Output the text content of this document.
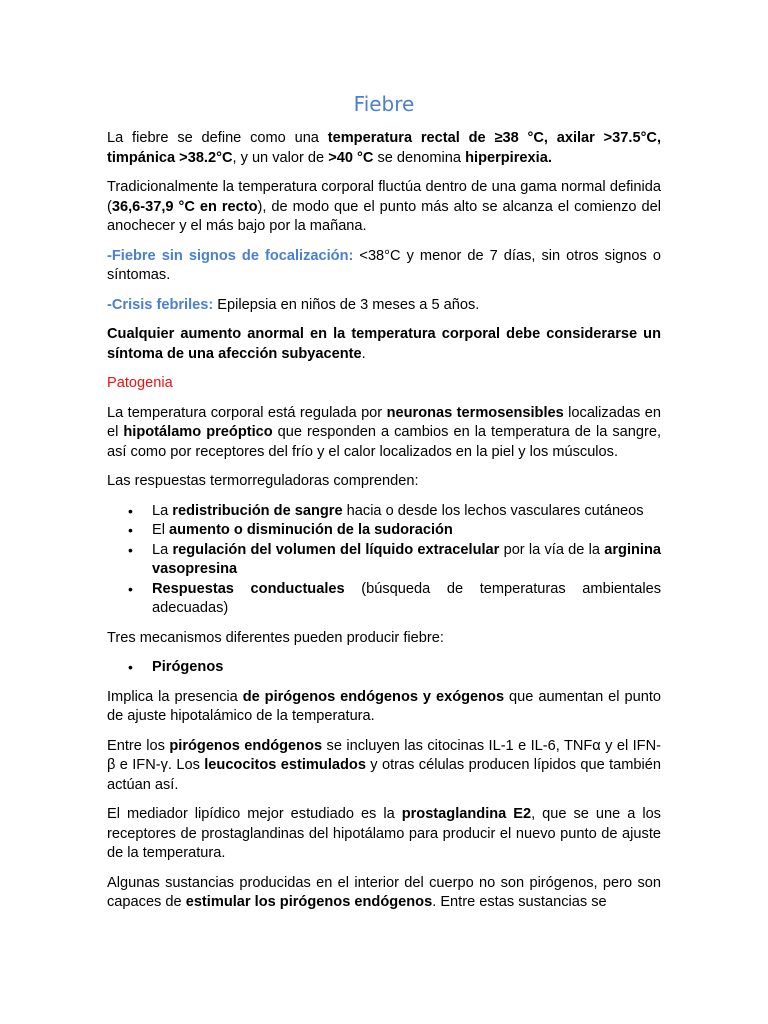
Fiebre

La fiebre se define como una temperatura rectal de ≥38 °C, axilar >37.5°C, timpánica >38.2°C, y un valor de >40 °C se denomina hiperpirexia.

Tradicionalmente la temperatura corporal fluctúa dentro de una gama normal definida (36,6-37,9 °C en recto), de modo que el punto más alto se alcanza el comienzo del anochecer y el más bajo por la mañana.

-Fiebre sin signos de focalización: <38°C y menor de 7 días, sin otros signos o síntomas.

-Crisis febriles: Epilepsia en niños de 3 meses a 5 años.

Cualquier aumento anormal en la temperatura corporal debe considerarse un síntoma de una afección subyacente.

Patogenia

La temperatura corporal está regulada por neuronas termosensibles localizadas en el hipotálamo preóptico que responden a cambios en la temperatura de la sangre, así como por receptores del frío y el calor localizados en la piel y los músculos.

Las respuestas termorreguladoras comprenden:

• La redistribución de sangre hacia o desde los lechos vasculares cutáneos
• El aumento o disminución de la sudoración
• La regulación del volumen del líquido extracelular por la vía de la arginina vasopresina
• Respuestas conductuales (búsqueda de temperaturas ambientales adecuadas)

Tres mecanismos diferentes pueden producir fiebre:

• Pirógenos

Implica la presencia de pirógenos endógenos y exógenos que aumentan el punto de ajuste hipotalámico de la temperatura.

Entre los pirógenos endógenos se incluyen las citocinas IL-1 e IL-6, TNFα y el IFN-β e IFN-γ. Los leucocitos estimulados y otras células producen lípidos que también actúan así.

El mediador lipídico mejor estudiado es la prostaglandina E2, que se une a los receptores de prostaglandinas del hipotálamo para producir el nuevo punto de ajuste de la temperatura.

Algunas sustancias producidas en el interior del cuerpo no son pirógenos, pero son capaces de estimular los pirógenos endógenos. Entre estas sustancias se
